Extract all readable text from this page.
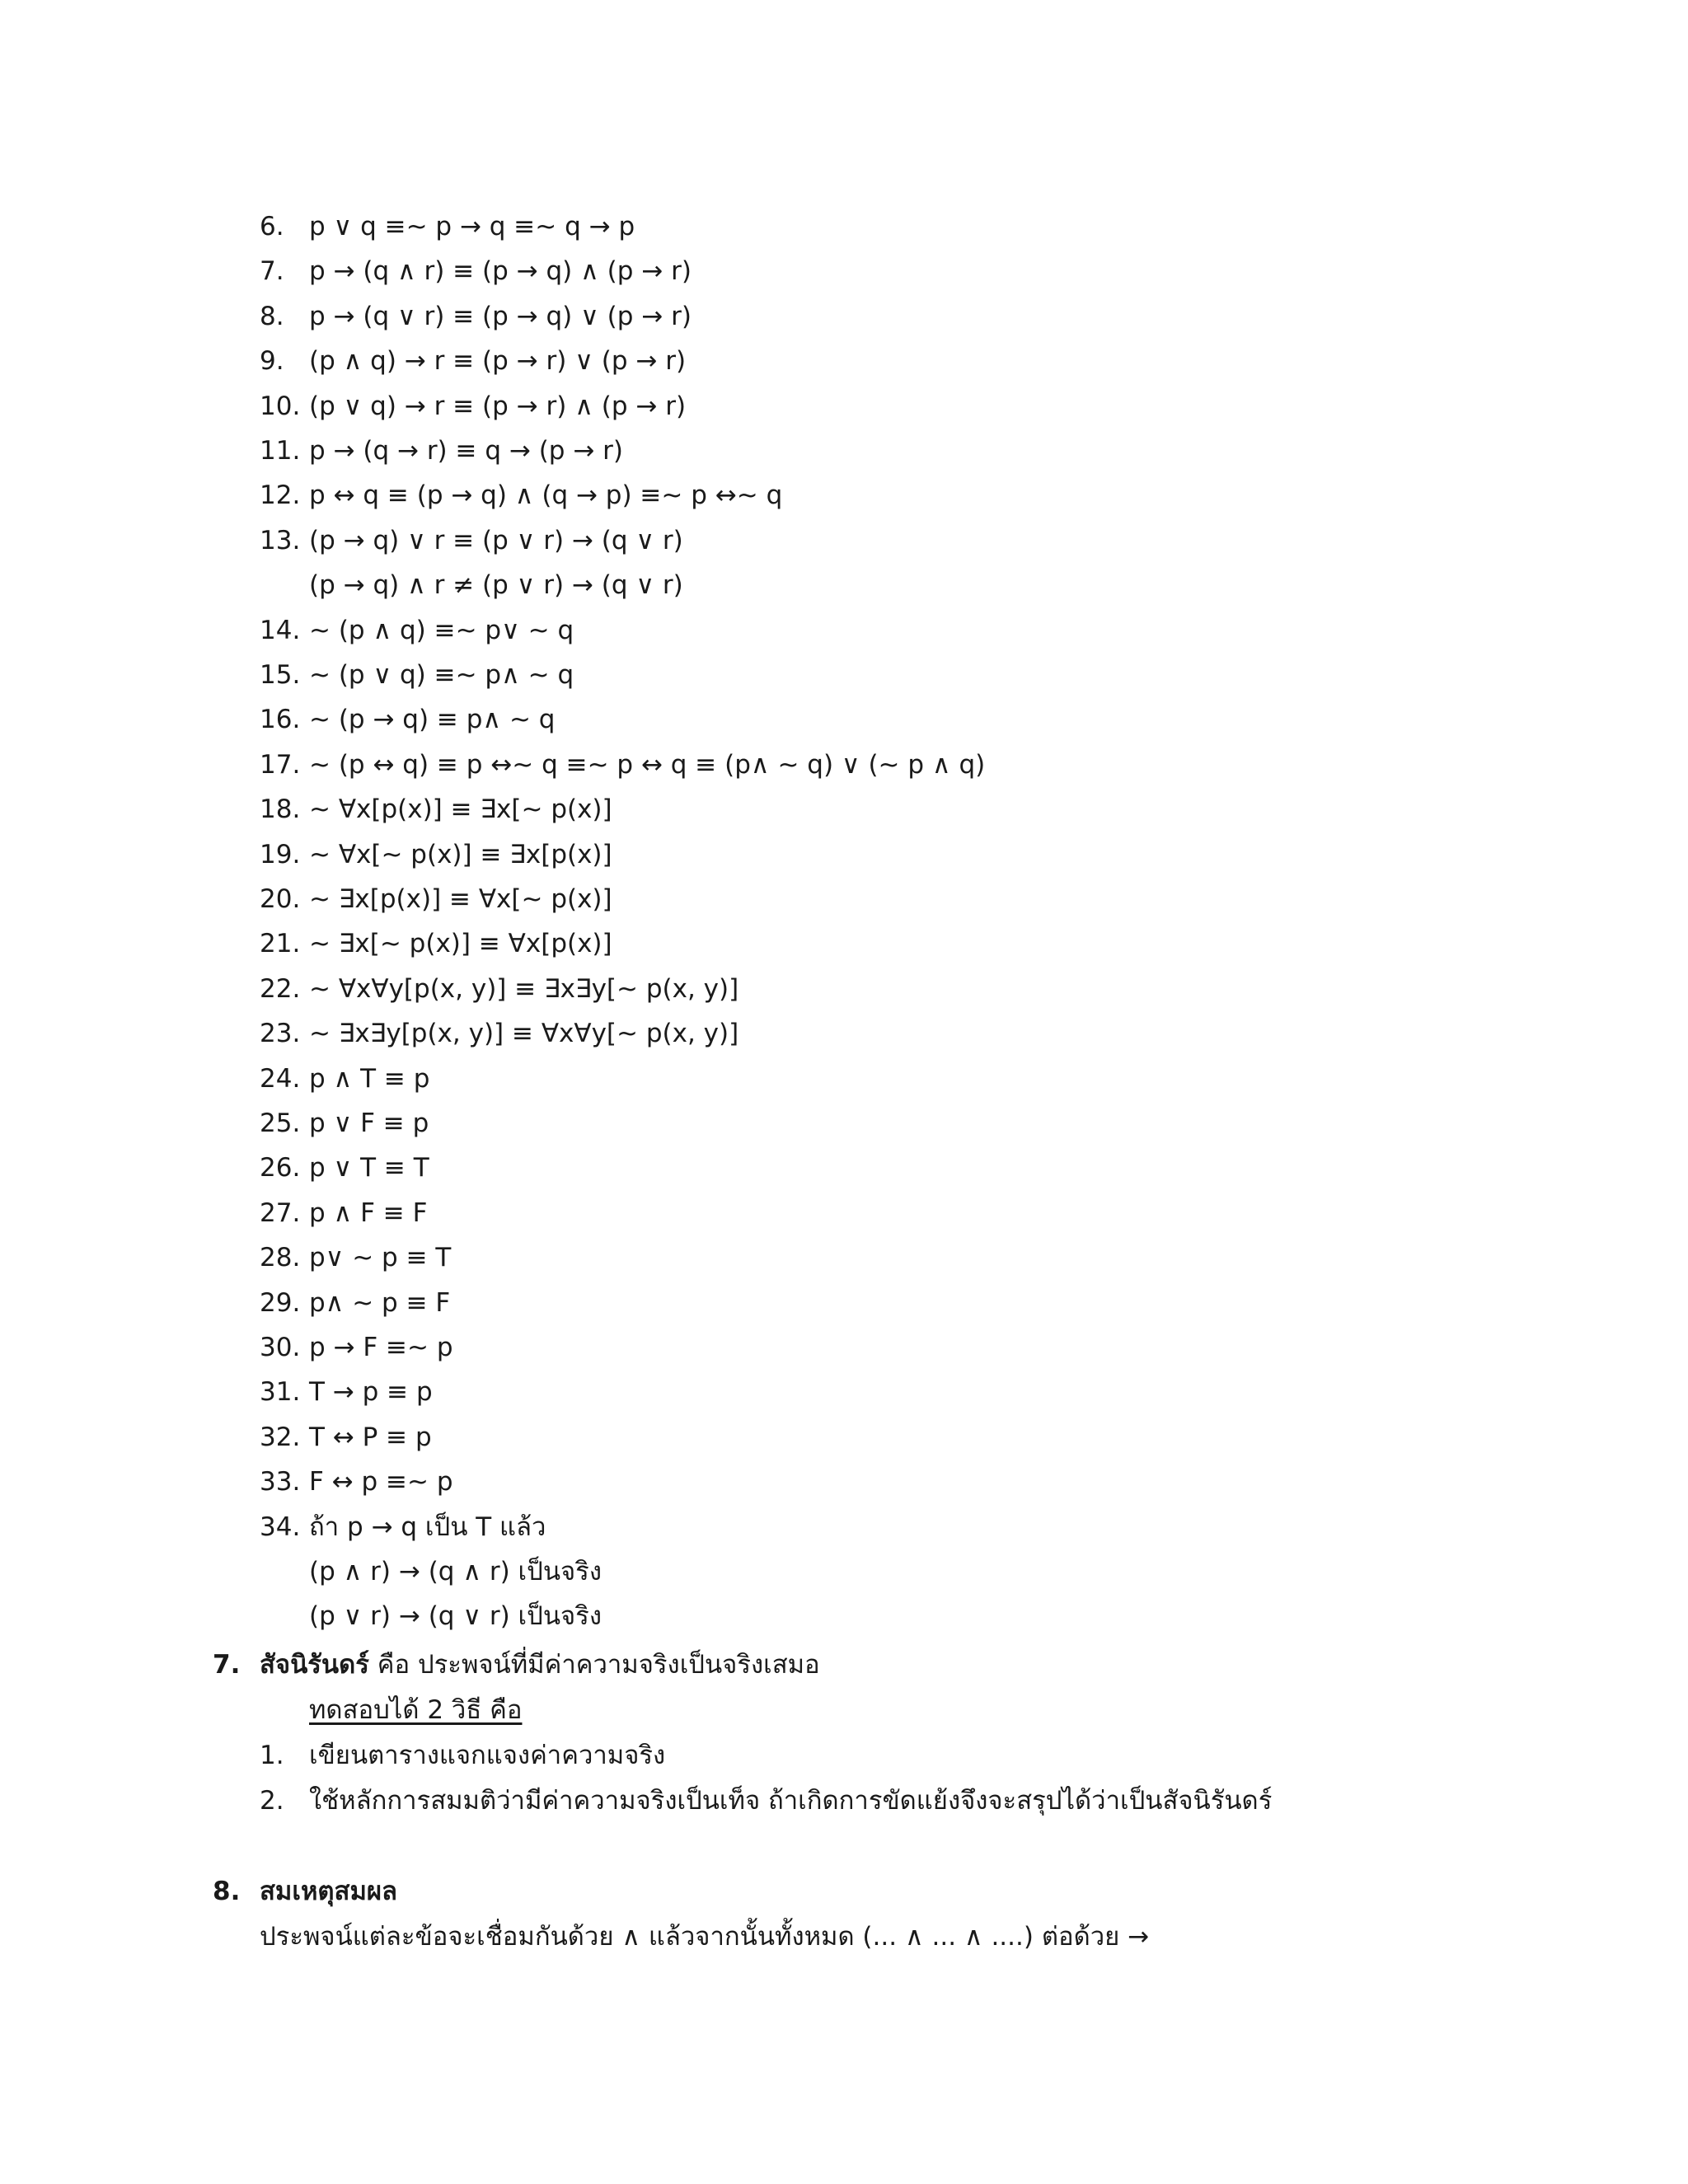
6. p ∨ q ≡~ p → q ≡~ q → p
7. p → (q ∧ r) ≡ (p → q) ∧ (p → r)
8. p → (q ∨ r) ≡ (p → q) ∨ (p → r)
9. (p ∧ q) → r ≡ (p → r) ∨ (p → r)
10. (p ∨ q) → r ≡ (p → r) ∧ (p → r)
11. p → (q → r) ≡ q → (p → r)
12. p ↔ q ≡ (p → q) ∧ (q → p) ≡~ p ↔~ q
13. (p → q) ∨ r ≡ (p ∨ r) → (q ∨ r)
(p → q) ∧ r ≠ (p ∨ r) → (q ∨ r)
14. ~ (p ∧ q) ≡~ p∨ ~ q
15. ~ (p ∨ q) ≡~ p∧ ~ q
16. ~ (p → q) ≡ p∧ ~ q
17. ~ (p ↔ q) ≡ p ↔~ q ≡~ p ↔ q ≡ (p∧ ~ q) ∨ (~ p ∧ q)
18. ~ ∀x[p(x)] ≡ ∃x[~ p(x)]
19. ~ ∀x[~ p(x)] ≡ ∃x[p(x)]
20. ~ ∃x[p(x)] ≡ ∀x[~ p(x)]
21. ~ ∃x[~ p(x)] ≡ ∀x[p(x)]
22. ~ ∀x∀y[p(x, y)] ≡ ∃x∃y[~ p(x, y)]
23. ~ ∃x∃y[p(x, y)] ≡ ∀x∀y[~ p(x, y)]
24. p ∧ T ≡ p
25. p ∨ F ≡ p
26. p ∨ T ≡ T
27. p ∧ F ≡ F
28. p∨ ~ p ≡ T
29. p∧ ~ p ≡ F
30. p → F ≡~ p
31. T → p ≡ p
32. T ↔ P ≡ p
33. F ↔ p ≡~ p
34. ถ้า p → q เป็น T แล้ว
(p ∧ r) → (q ∧ r) เป็นจริง
(p ∨ r) → (q ∨ r) เป็นจริง
7. สัจนิรันดร์ คือ ประพจน์ที่มีค่าความจริงเป็นจริงเสมอ
ทดสอบได้ 2 วิธี คือ
1. เขียนตารางแจกแจงค่าความจริง
2. ใช้หลักการสมมติว่ามีค่าความจริงเป็นเท็จ ถ้าเกิดการขัดแย้งจึงจะสรุปได้ว่าเป็นสัจนิรันดร์
8. สมเหตุสมผล
ประพจน์แต่ละข้อจะเชื่อมกันด้วย ∧ แล้วจากนั้นทั้งหมด (... ∧ ... ∧ ....) ต่อด้วย →
